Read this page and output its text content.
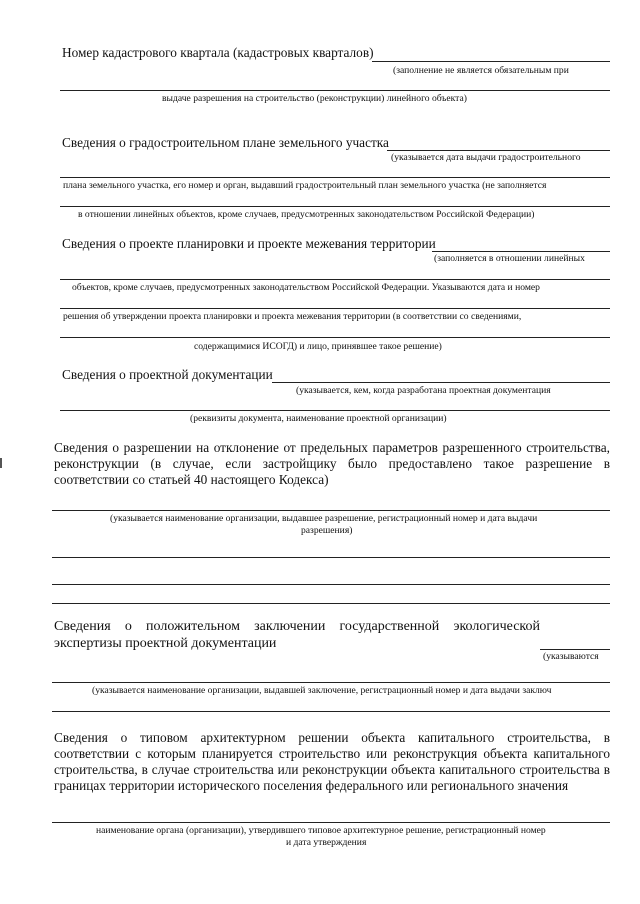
Номер кадастрового квартала (кадастровых кварталов)
(заполнение не является обязательным при
выдаче разрешения на строительство (реконструкции) линейного объекта)
Сведения о градостроительном плане земельного участка
(указывается дата выдачи градостроительного
плана земельного участка, его номер и орган, выдавший градостроительный план земельного участка (не заполняется
в отношении линейных объектов, кроме случаев, предусмотренных законодательством Российской Федерации)
Сведения о проекте планировки и проекте межевания территории
(заполняется в отношении линейных
объектов, кроме случаев, предусмотренных законодательством Российской Федерации. Указываются дата и номер
решения об утверждении проекта планировки и проекта межевания территории (в соответствии со сведениями,
содержащимися ИСОГД) и лицо, принявшее такое решение)
Сведения о проектной документации
(указывается, кем, когда разработана проектная документация
(реквизиты документа, наименование проектной организации)
Сведения о разрешении на отклонение от предельных параметров разрешенного строительства, реконструкции (в случае, если застройщику было предоставлено такое разрешение в соответствии со статьей 40 настоящего Кодекса)
(указывается наименование организации, выдавшее разрешение, регистрационный номер и дата выдачи
разрешения)
Сведения о положительном заключении государственной экологической экспертизы проектной документации
(указываются
(указывается наименование организации, выдавшей заключение, регистрационный номер и дата выдачи заключ
Сведения о типовом архитектурном решении объекта капитального строительства, в соответствии с которым планируется строительство или реконструкция объекта капитального строительства, в случае строительства или реконструкции объекта капитального строительства в границах территории исторического поселения федерального или регионального значения
наименование органа (организации), утвердившего типовое архитектурное решение, регистрационный номер
и дата утверждения
